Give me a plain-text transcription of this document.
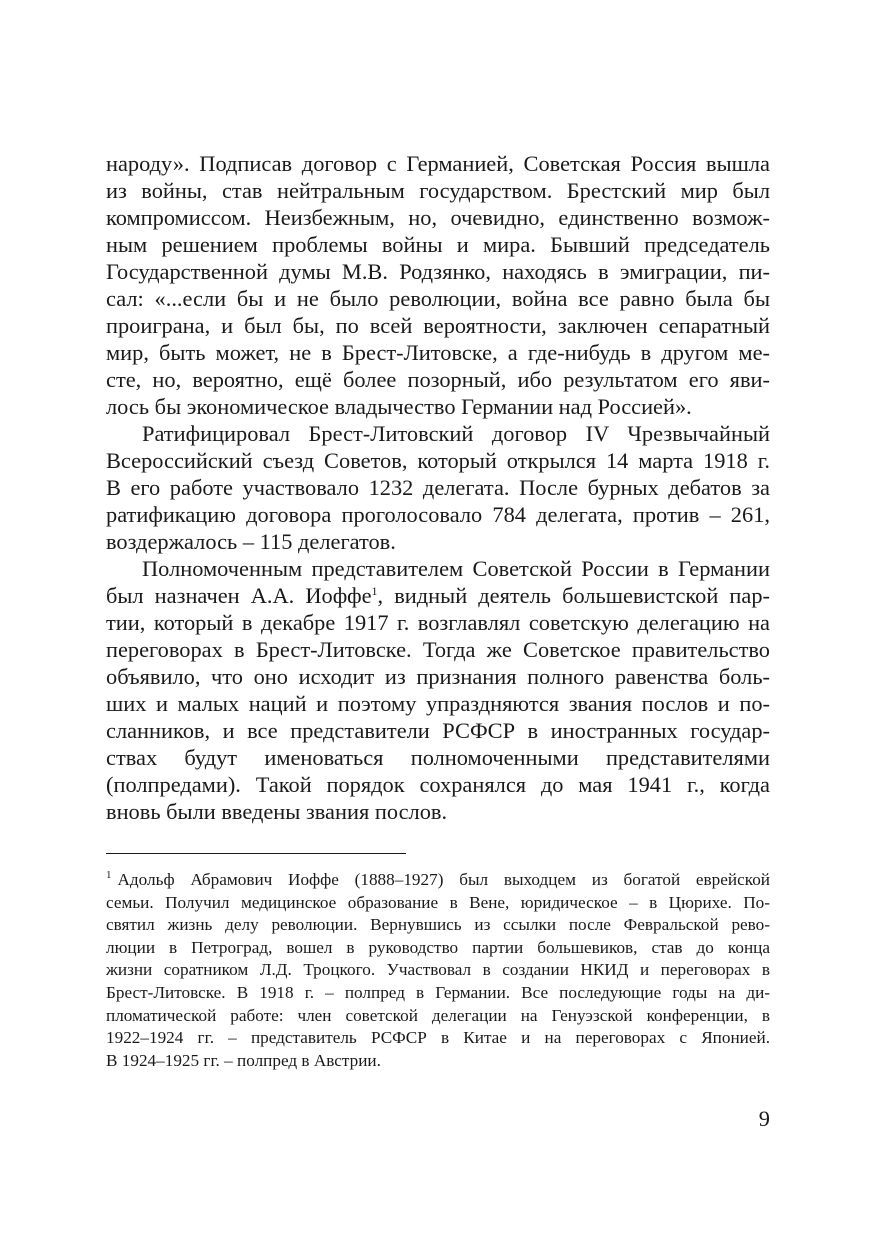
народу». Подписав договор с Германией, Советская Россия вышла
из войны, став нейтральным государством. Брестский мир был
компромиссом. Неизбежным, но, очевидно, единственно возмож-
ным решением проблемы войны и мира. Бывший председатель
Государственной думы М.В. Родзянко, находясь в эмиграции, пи-
сал: «...если бы и не было революции, война все равно была бы
проиграна, и был бы, по всей вероятности, заключен сепаратный
мир, быть может, не в Брест-Литовске, а где-нибудь в другом ме-
сте, но, вероятно, ещё более позорный, ибо результатом его яви-
лось бы экономическое владычество Германии над Россией».
Ратифицировал Брест-Литовский договор IV Чрезвычайный
Всероссийский съезд Советов, который открылся 14 марта 1918 г.
В его работе участвовало 1232 делегата. После бурных дебатов за
ратификацию договора проголосовало 784 делегата, против – 261,
воздержалось – 115 делегатов.
Полномоченным представителем Советской России в Германии
был назначен А.А. Иоффе$^1$, видный деятель большевистской пар-
тии, который в декабре 1917 г. возглавлял советскую делегацию на
переговорах в Брест-Литовске. Тогда же Советское правительство
объявило, что оно исходит из признания полного равенства боль-
ших и малых наций и поэтому упраздняются звания послов и по-
сланников, и все представители РСФСР в иностранных государ-
ствах будут именоваться полномоченными представителями
(полпредами). Такой порядок сохранялся до мая 1941 г., когда
вновь были введены звания послов.
$^1$ Адольф Абрамович Иоффе (1888–1927) был выходцем из богатой еврейской
семьи. Получил медицинское образование в Вене, юридическое – в Цюрихе. По-
святил жизнь делу революции. Вернувшись из ссылки после Февральской рево-
люции в Петроград, вошел в руководство партии большевиков, став до конца
жизни соратником Л.Д. Троцкого. Участвовал в создании НКИД и переговорах в
Брест-Литовске. В 1918 г. – полпред в Германии. Все последующие годы на ди-
пломатической работе: член советской делегации на Генуэзской конференции, в
1922–1924 гг. – представитель РСФСР в Китае и на переговорах с Японией.
В 1924–1925 гг. – полпред в Австрии.
9
